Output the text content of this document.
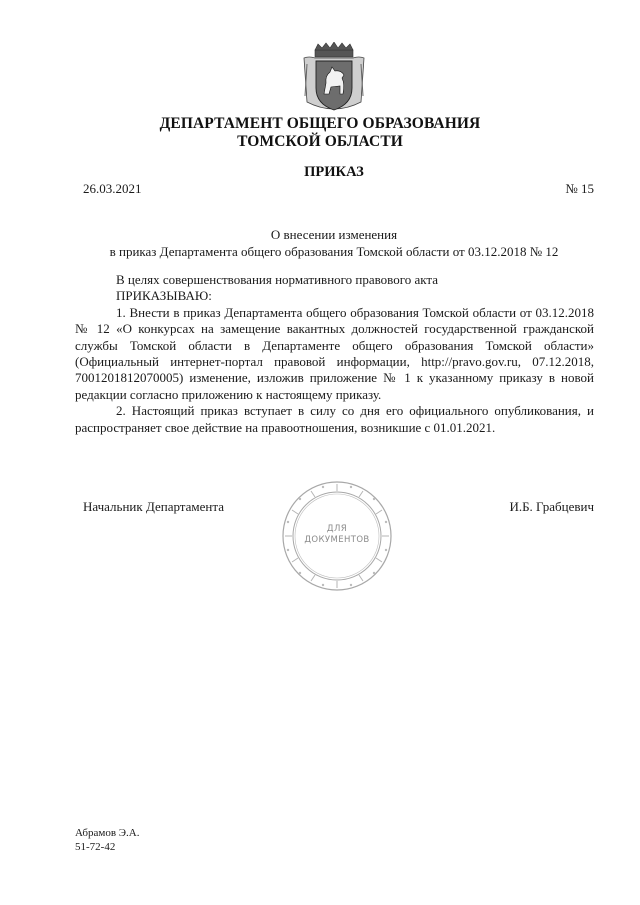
ДЕПАРТАМЕНТ ОБЩЕГО ОБРАЗОВАНИЯ
ТОМСКОЙ ОБЛАСТИ
ПРИКАЗ
26.03.2021	№ 15
О внесении изменения
в приказ Департамента общего образования Томской области от 03.12.2018 № 12

В целях совершенствования нормативного правового акта

ПРИКАЗЫВАЮ:

1. Внести в приказ Департамента общего образования Томской области от 03.12.2018 № 12 «О конкурсах на замещение вакантных должностей государственной гражданской службы Томской области в Департаменте общего образования Томской области» (Официальный интернет-портал правовой информации, http://pravo.gov.ru, 07.12.2018, 7001201812070005) изменение, изложив приложение № 1 к указанному приказу в новой редакции согласно приложению к настоящему приказу.

2. Настоящий приказ вступает в силу со дня его официального опубликования, и распространяет свое действие на правоотношения, возникшие с 01.01.2021.

Начальник Департамента
ДЛЯ
ДОКУМЕНТОВ
И.Б. Грабцевич
Абрамов Э.А.
51-72-42
